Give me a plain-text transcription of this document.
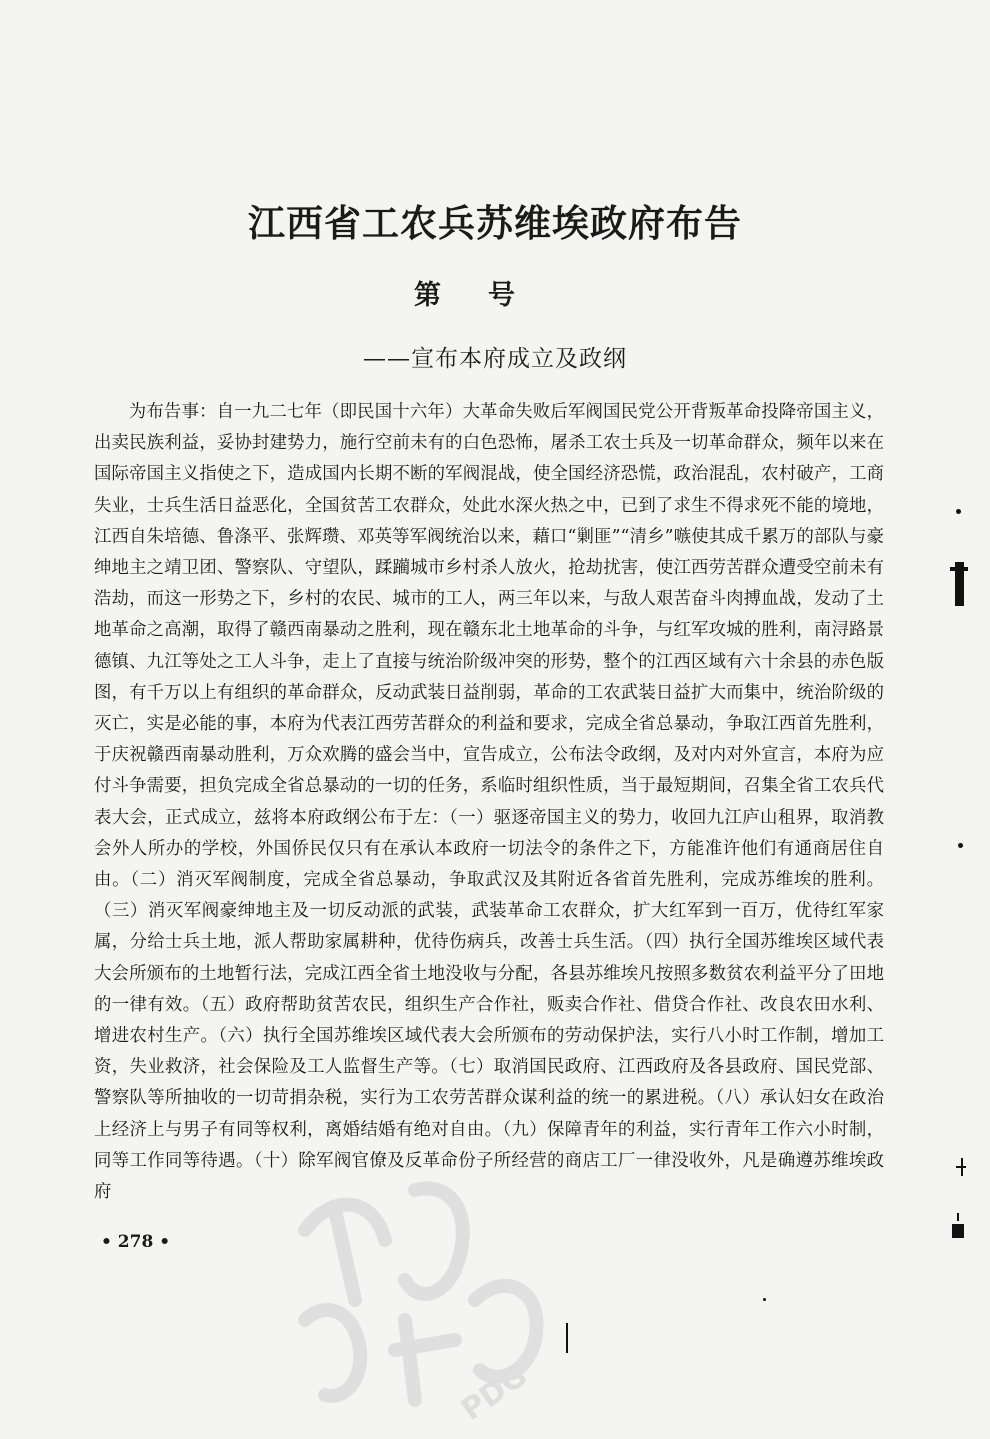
江西省工农兵苏维埃政府布告
第 号
——宣布本府成立及政纲

为布告事：自一九二七年（即民国十六年）大革命失败后军阀国民党公开背叛革命投降帝国主义，出卖民族利益，妥协封建势力，施行空前未有的白色恐怖，屠杀工农士兵及一切革命群众，频年以来在国际帝国主义指使之下，造成国内长期不断的军阀混战，使全国经济恐慌，政治混乱，农村破产，工商失业，士兵生活日益恶化，全国贫苦工农群众，处此水深火热之中，已到了求生不得求死不能的境地，江西自朱培德、鲁涤平、张辉瓒、邓英等军阀统治以来，藉口“剿匪”“清乡”嗾使其成千累万的部队与豪绅地主之靖卫团、警察队、守望队，蹂躏城市乡村杀人放火，抢劫扰害，使江西劳苦群众遭受空前未有浩劫，而这一形势之下，乡村的农民、城市的工人，两三年以来，与敌人艰苦奋斗肉搏血战，发动了土地革命之高潮，取得了赣西南暴动之胜利，现在赣东北土地革命的斗争，与红军攻城的胜利，南浔路景德镇、九江等处之工人斗争，走上了直接与统治阶级冲突的形势，整个的江西区域有六十余县的赤色版图，有千万以上有组织的革命群众，反动武装日益削弱，革命的工农武装日益扩大而集中，统治阶级的灭亡，实是必能的事，本府为代表江西劳苦群众的利益和要求，完成全省总暴动，争取江西首先胜利，于庆祝赣西南暴动胜利，万众欢腾的盛会当中，宣告成立，公布法令政纲，及对内对外宣言，本府为应付斗争需要，担负完成全省总暴动的一切的任务，系临时组织性质，当于最短期间，召集全省工农兵代表大会，正式成立，兹将本府政纲公布于左：（一）驱逐帝国主义的势力，收回九江庐山租界，取消教会外人所办的学校，外国侨民仅只有在承认本政府一切法令的条件之下，方能准许他们有通商居住自由。（二）消灭军阀制度，完成全省总暴动，争取武汉及其附近各省首先胜利，完成苏维埃的胜利。（三）消灭军阀豪绅地主及一切反动派的武装，武装革命工农群众，扩大红军到一百万，优待红军家属，分给士兵土地，派人帮助家属耕种，优待伤病兵，改善士兵生活。（四）执行全国苏维埃区域代表大会所颁布的土地暂行法，完成江西全省土地没收与分配，各县苏维埃凡按照多数贫农利益平分了田地的一律有效。（五）政府帮助贫苦农民，组织生产合作社，贩卖合作社、借贷合作社、改良农田水利、增进农村生产。（六）执行全国苏维埃区域代表大会所颁布的劳动保护法，实行八小时工作制，增加工资，失业救济，社会保险及工人监督生产等。（七）取消国民政府、江西政府及各县政府、国民党部、警察队等所抽收的一切苛捐杂税，实行为工农劳苦群众谋利益的统一的累进税。（八）承认妇女在政治上经济上与男子有同等权利，离婚结婚有绝对自由。（九）保障青年的利益，实行青年工作六小时制，同等工作同等待遇。（十）除军阀官僚及反革命份子所经营的商店工厂一律没收外，凡是确遵苏维埃政府

• 278 •
PDG
